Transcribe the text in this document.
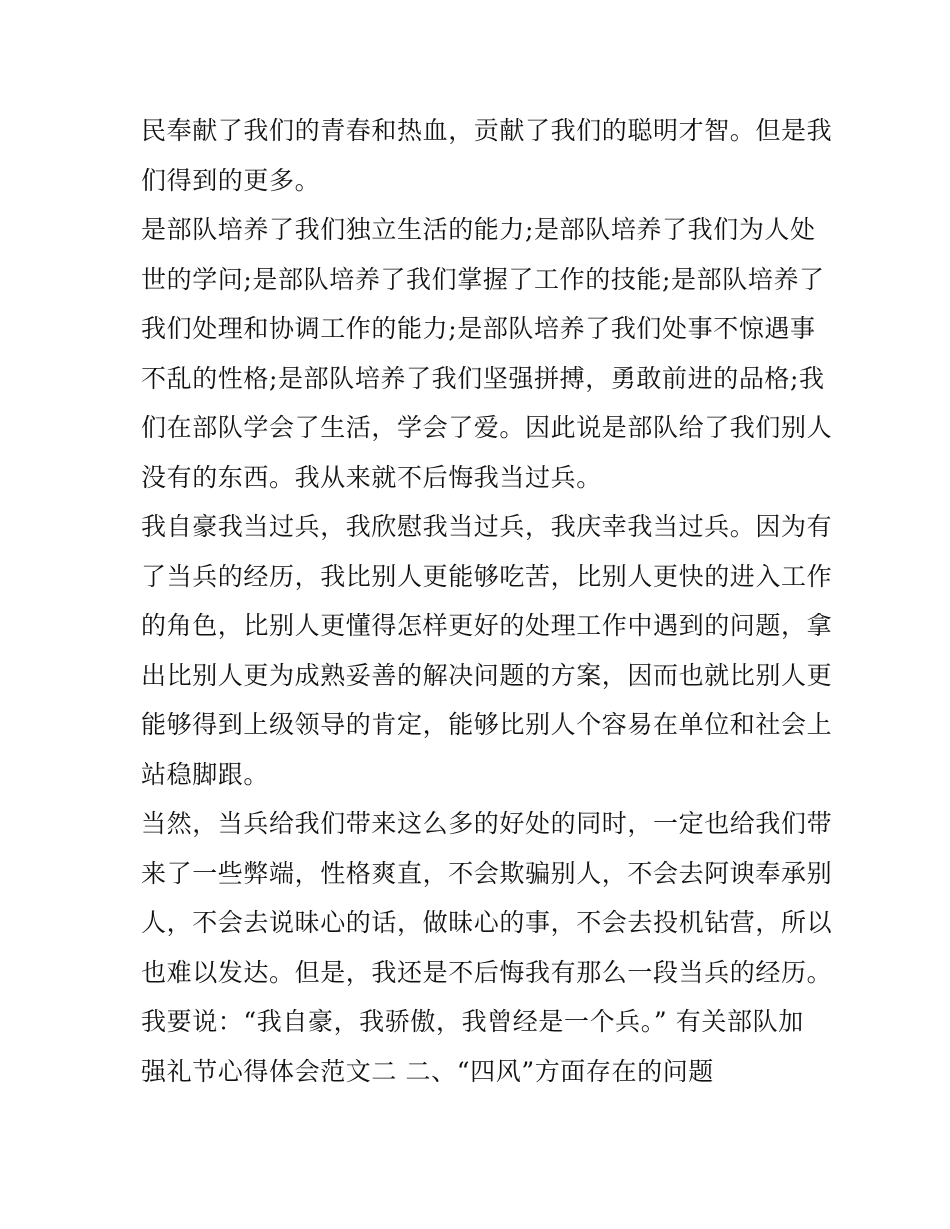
民奉献了我们的青春和热血，贡献了我们的聪明才智。但是我
们得到的更多。
是部队培养了我们独立生活的能力;是部队培养了我们为人处
世的学问;是部队培养了我们掌握了工作的技能;是部队培养了
我们处理和协调工作的能力;是部队培养了我们处事不惊遇事
不乱的性格;是部队培养了我们坚强拼搏，勇敢前进的品格;我
们在部队学会了生活，学会了爱。因此说是部队给了我们别人
没有的东西。我从来就不后悔我当过兵。
我自豪我当过兵，我欣慰我当过兵，我庆幸我当过兵。因为有
了当兵的经历，我比别人更能够吃苦，比别人更快的进入工作
的角色，比别人更懂得怎样更好的处理工作中遇到的问题，拿
出比别人更为成熟妥善的解决问题的方案，因而也就比别人更
能够得到上级领导的肯定，能够比别人个容易在单位和社会上
站稳脚跟。
当然，当兵给我们带来这么多的好处的同时，一定也给我们带
来了一些弊端，性格爽直，不会欺骗别人，不会去阿谀奉承别
人，不会去说昧心的话，做昧心的事，不会去投机钻营，所以
也难以发达。但是，我还是不后悔我有那么一段当兵的经历。
我要说：“我自豪，我骄傲，我曾经是一个兵。” 有关部队加
强礼节心得体会范文二 二、“四风”方面存在的问题
